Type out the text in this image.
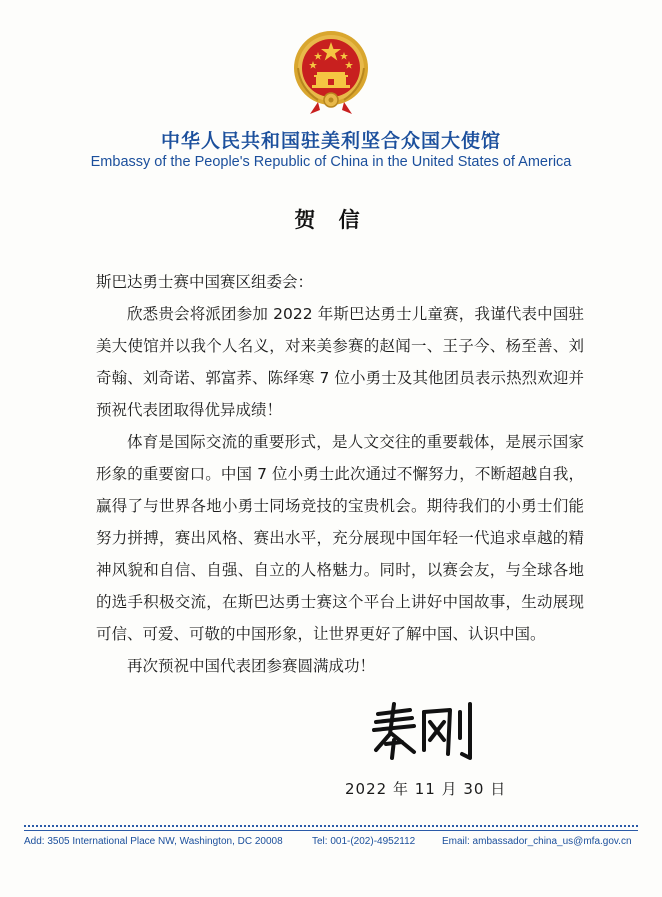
中华人民共和国驻美利坚合众国大使馆
Embassy of the People's Republic of China in the United States of America
贺 信

斯巴达勇士赛中国赛区组委会：

欣悉贵会将派团参加 2022 年斯巴达勇士儿童赛，我谨代表中国驻美大使馆并以我个人名义，对来美参赛的赵闻一、王子今、杨至善、刘奇翰、刘奇诺、郭富荞、陈绎寒 7 位小勇士及其他团员表示热烈欢迎并预祝代表团取得优异成绩！

体育是国际交流的重要形式，是人文交往的重要载体，是展示国家形象的重要窗口。中国 7 位小勇士此次通过不懈努力，不断超越自我，赢得了与世界各地小勇士同场竞技的宝贵机会。期待我们的小勇士们能努力拼搏，赛出风格、赛出水平，充分展现中国年轻一代追求卓越的精神风貌和自信、自强、自立的人格魅力。同时，以赛会友，与全球各地的选手积极交流，在斯巴达勇士赛这个平台上讲好中国故事，生动展现可信、可爱、可敬的中国形象，让世界更好了解中国、认识中国。

再次预祝中国代表团参赛圆满成功！

2022 年 11 月 30 日
Add: 3505 International Place NW, Washington, DC 20008	Tel: 001-(202)-4952112	Email: ambassador_china_us@mfa.gov.cn
